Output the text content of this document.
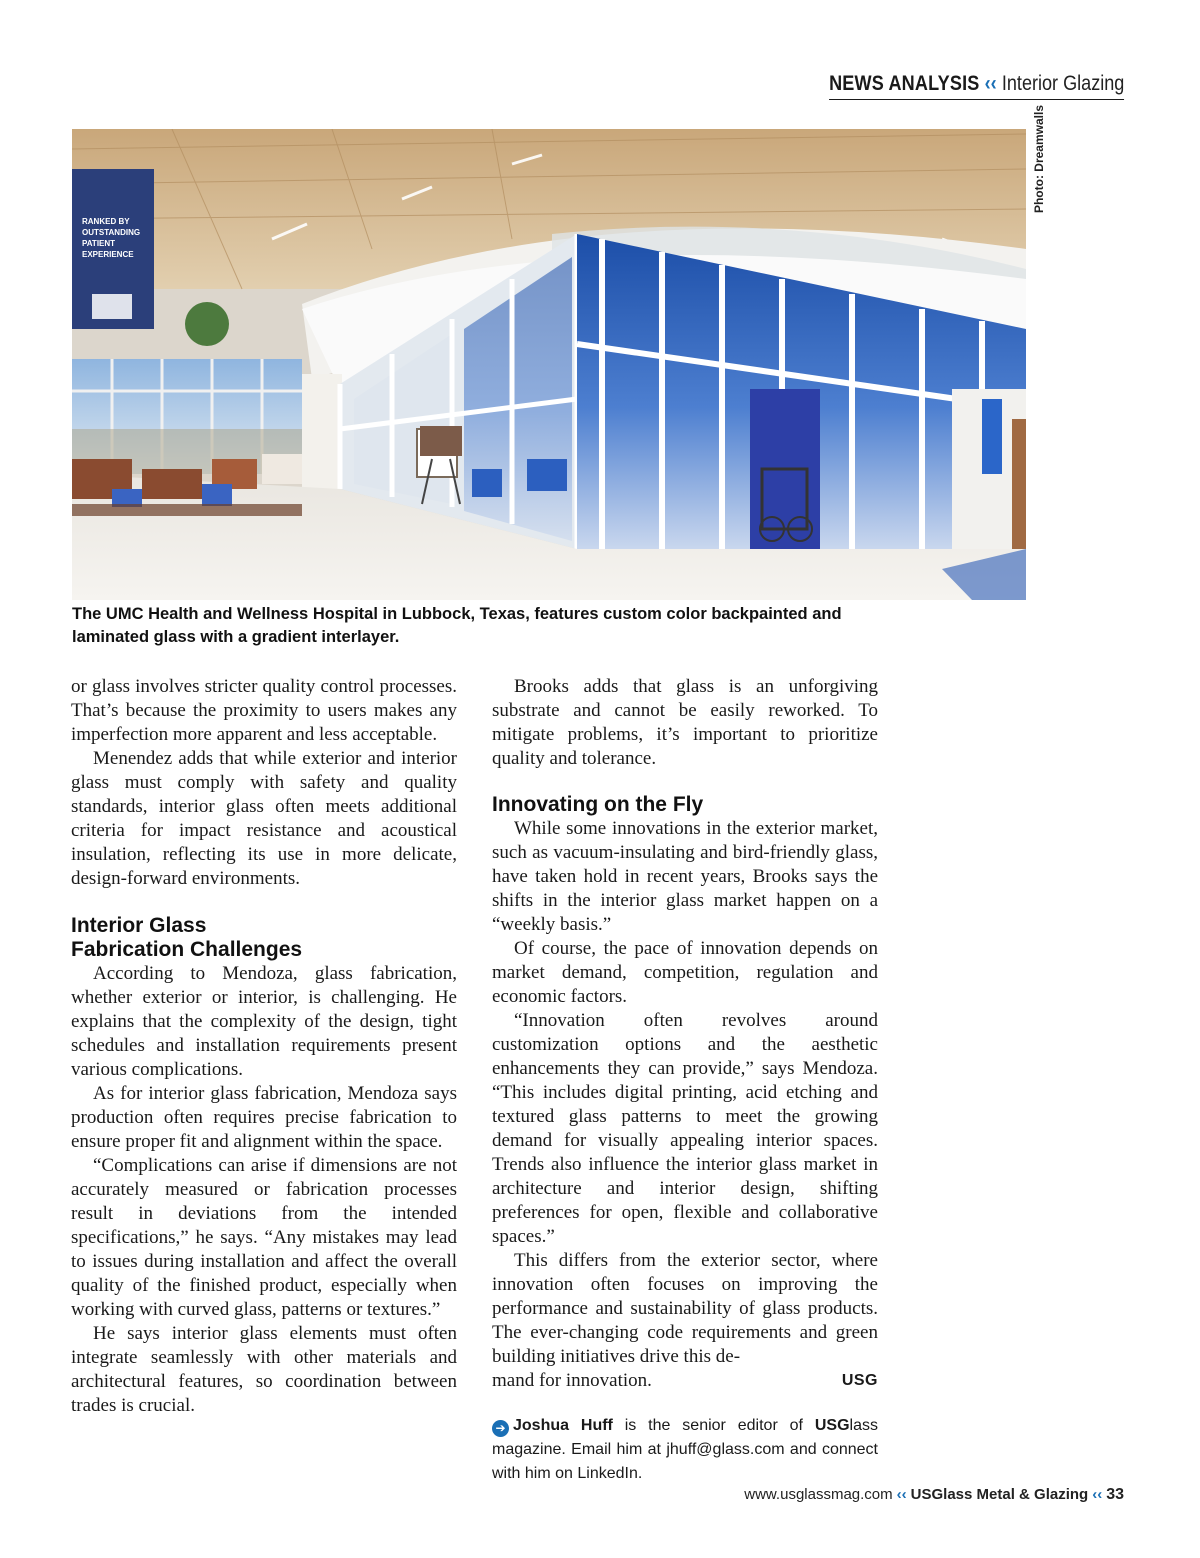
NEWS ANALYSIS ‹‹ Interior Glazing
RANKED BY
OUTSTANDING
PATIENT
EXPERIENCE
Photo: Dreamwalls
The UMC Health and Wellness Hospital in Lubbock, Texas, features custom color backpainted and laminated glass with a gradient interlayer.

or glass involves stricter quality control processes. That’s because the proximity to users makes any imperfection more apparent and less acceptable.

Menendez adds that while exterior and interior glass must comply with safety and quality standards, interior glass often meets additional criteria for impact resistance and acoustical insulation, reflecting its use in more delicate, design-forward environments.

Interior Glass
Fabrication Challenges

According to Mendoza, glass fabrication, whether exterior or interior, is challenging. He explains that the complexity of the design, tight schedules and installation requirements present various complications.

As for interior glass fabrication, Mendoza says production often requires precise fabrication to ensure proper fit and alignment within the space.

“Complications can arise if dimensions are not accurately measured or fabrication processes result in deviations from the intended specifications,” he says. “Any mistakes may lead to issues during installation and affect the overall quality of the finished product, especially when working with curved glass, patterns or textures.”

He says interior glass elements must often integrate seamlessly with other materials and architectural features, so coordination between trades is crucial.

Brooks adds that glass is an unforgiving substrate and cannot be easily reworked. To mitigate problems, it’s important to prioritize quality and tolerance.

Innovating on the Fly

While some innovations in the exterior market, such as vacuum-insulating and bird-friendly glass, have taken hold in recent years, Brooks says the shifts in the interior glass market happen on a “weekly basis.”

Of course, the pace of innovation depends on market demand, competition, regulation and economic factors.

“Innovation often revolves around customization options and the aesthetic enhancements they can provide,” says Mendoza. “This includes digital printing, acid etching and textured glass patterns to meet the growing demand for visually appealing interior spaces. Trends also influence the interior glass market in architecture and interior design, shifting preferences for open, flexible and collaborative spaces.”

This differs from the exterior sector, where innovation often focuses on improving the performance and sustainability of glass products. The ever-changing code requirements and green building initiatives drive this de-

mand for innovation.	USG
➔ Joshua Huff is the senior editor of USGlass magazine. Email him at jhuff@glass.com and connect with him on LinkedIn.
www.usglassmag.com ‹‹ USGlass Metal & Glazing ‹‹ 33
